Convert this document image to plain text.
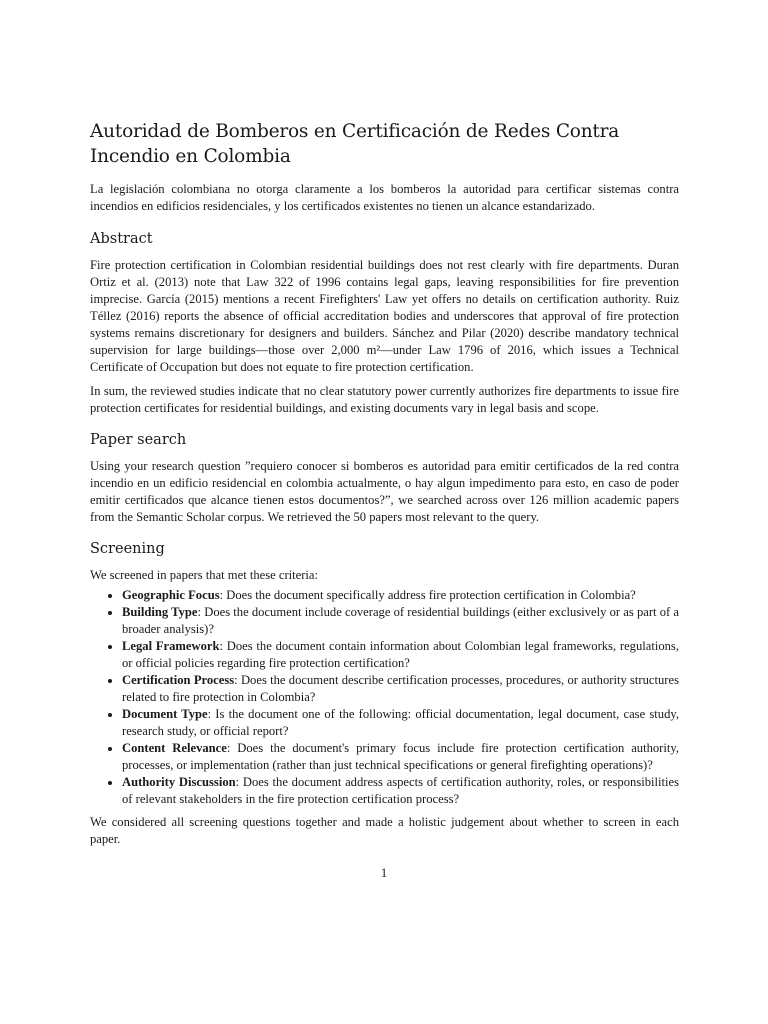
Autoridad de Bomberos en Certificación de Redes Contra Incendio en Colombia

La legislación colombiana no otorga claramente a los bomberos la autoridad para certificar sistemas contra incendios en edificios residenciales, y los certificados existentes no tienen un alcance estandarizado.

Abstract

Fire protection certification in Colombian residential buildings does not rest clearly with fire departments. Duran Ortiz et al. (2013) note that Law 322 of 1996 contains legal gaps, leaving responsibilities for fire prevention imprecise. García (2015) mentions a recent Firefighters' Law yet offers no details on certification authority. Ruiz Téllez (2016) reports the absence of official accreditation bodies and underscores that approval of fire protection systems remains discretionary for designers and builders. Sánchez and Pilar (2020) describe mandatory technical supervision for large buildings—those over 2,000 m²—under Law 1796 of 2016, which issues a Technical Certificate of Occupation but does not equate to fire protection certification.

In sum, the reviewed studies indicate that no clear statutory power currently authorizes fire departments to issue fire protection certificates for residential buildings, and existing documents vary in legal basis and scope.

Paper search

Using your research question ”requiero conocer si bomberos es autoridad para emitir certificados de la red contra incendio en un edificio residencial en colombia actualmente, o hay algun impedimento para esto, en caso de poder emitir certificados que alcance tienen estos documentos?”, we searched across over 126 million academic papers from the Semantic Scholar corpus. We retrieved the 50 papers most relevant to the query.

Screening

We screened in papers that met these criteria:

• Geographic Focus: Does the document specifically address fire protection certification in Colombia?
• Building Type: Does the document include coverage of residential buildings (either exclusively or as part of a broader analysis)?
• Legal Framework: Does the document contain information about Colombian legal frameworks, regulations, or official policies regarding fire protection certification?
• Certification Process: Does the document describe certification processes, procedures, or authority structures related to fire protection in Colombia?
• Document Type: Is the document one of the following: official documentation, legal document, case study, research study, or official report?
• Content Relevance: Does the document's primary focus include fire protection certification authority, processes, or implementation (rather than just technical specifications or general firefighting operations)?
• Authority Discussion: Does the document address aspects of certification authority, roles, or responsibilities of relevant stakeholders in the fire protection certification process?

We considered all screening questions together and made a holistic judgement about whether to screen in each paper.

1
